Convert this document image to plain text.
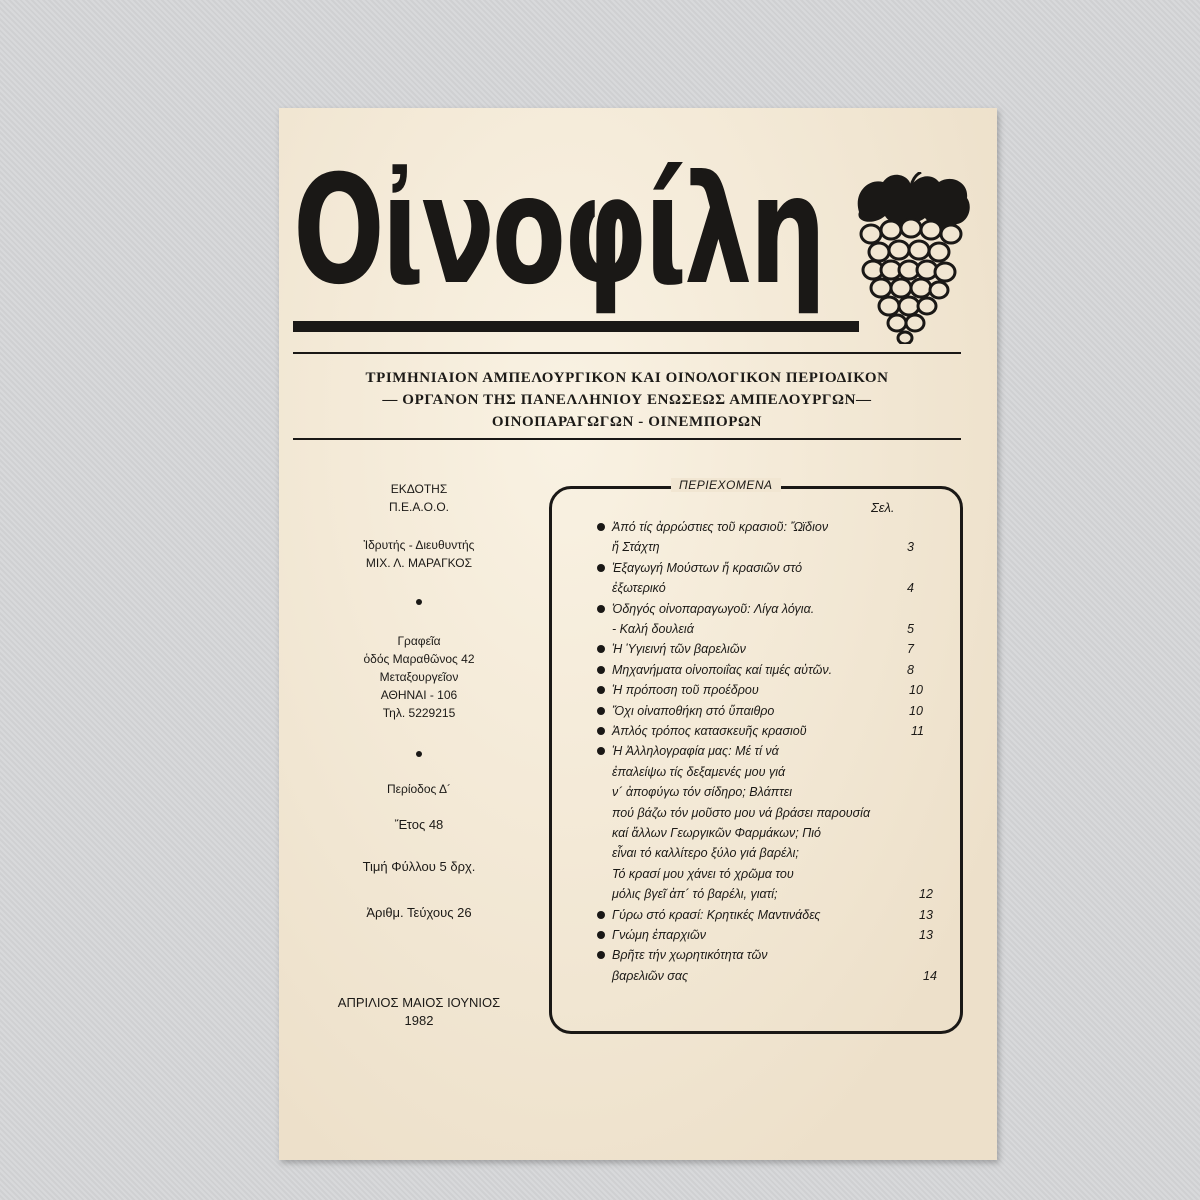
Οἰνοφίλη
ΤΡΙΜΗΝΙΑΙΟΝ ΑΜΠΕΛΟΥΡΓΙΚΟΝ ΚΑΙ ΟΙΝΟΛΟΓΙΚΟΝ ΠΕΡΙΟΔΙΚΟΝ
— ΟΡΓΑΝΟΝ ΤΗΣ ΠΑΝΕΛΛΗΝΙΟΥ ΕΝΩΣΕΩΣ ΑΜΠΕΛΟΥΡΓΩΝ—
ΟΙΝΟΠΑΡΑΓΩΓΩΝ - ΟΙΝΕΜΠΟΡΩΝ
ΕΚΔΟΤΗΣ
Π.Ε.Α.Ο.Ο.
Ἱδρυτής - Διευθυντής
ΜΙΧ. Λ. ΜΑΡΑΓΚΟΣ
Γραφεῖα
ὁδός Μαραθῶνος 42
Μεταξουργεῖον
ΑΘΗΝΑΙ - 106
Τηλ. 5229215
Περίοδος Δ´
Ἔτος 48
Τιμή Φύλλου 5 δρχ.
Ἀριθμ. Τεύχους 26
ΑΠΡΙΛΙΟΣ ΜΑΙΟΣ ΙΟΥΝΙΟΣ
1982
ΠΕΡΙΕΧΟΜΕΝΑ
Σελ.
Ἀπό τίς ἀρρώστιες τοῦ κρασιοῦ: Ὤϊδιον
ἤ Στάχτη	3
Ἐξαγωγή Μούστων ἤ κρασιῶν στό
ἐξωτερικό	4
Ὁδηγός οἰνοπαραγωγοῦ: Λίγα λόγια.
- Καλή δουλειά	5
Ἡ Ὑγιεινή τῶν βαρελιῶν	7
Μηχανήματα οἰνοποιΐας καί τιμές αὐτῶν.	8
Ἡ πρόποση τοῦ προέδρου	10
Ὄχι οἰναποθήκη στό ὕπαιθρο	10
Ἁπλός τρόπος κατασκευῆς κρασιοῦ	11
Ἡ Ἀλληλογραφία μας: Μέ τί νά
ἐπαλείψω τίς δεξαμενές μου γιά
ν´ ἀποφύγω τόν σίδηρο; Βλάπτει
πού βάζω τόν μοῦστο μου νά βράσει παρουσία
καί ἄλλων Γεωργικῶν Φαρμάκων; Πιό
εἶναι τό καλλίτερο ξύλο γιά βαρέλι;
Τό κρασί μου χάνει τό χρῶμα του
μόλις βγεῖ ἀπ´ τό βαρέλι, γιατί;	12
Γύρω στό κρασί: Κρητικές Μαντινάδες	13
Γνώμη ἐπαρχιῶν	13
Βρῆτε τήν χωρητικότητα τῶν
βαρελιῶν σας	14
